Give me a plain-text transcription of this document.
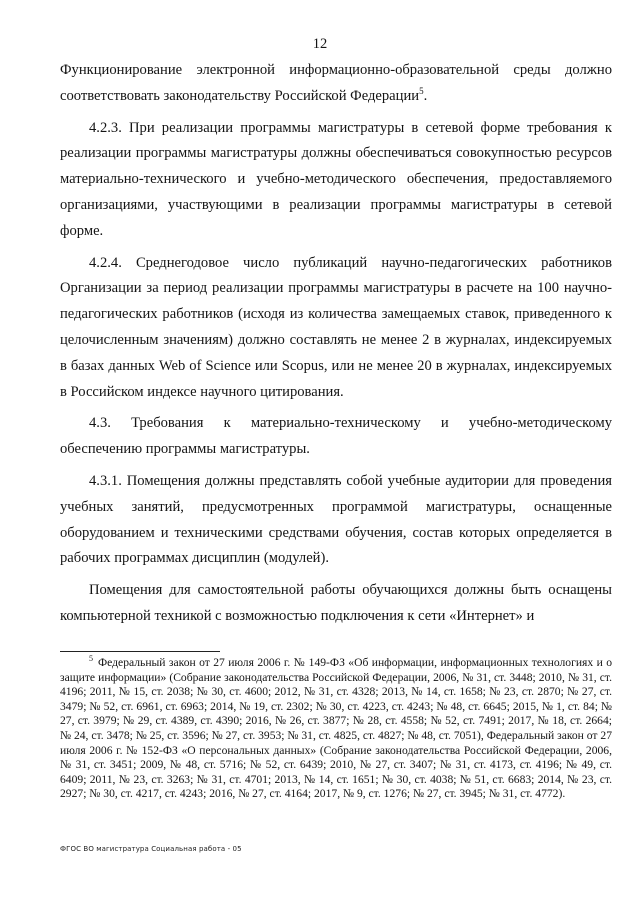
12

Функционирование электронной информационно-образовательной среды должно соответствовать законодательству Российской Федерации$^5$.

4.2.3. При реализации программы магистратуры в сетевой форме требования к реализации программы магистратуры должны обеспечиваться совокупностью ресурсов материально-технического и учебно-методического обеспечения, предоставляемого организациями, участвующими в реализации программы магистратуры в сетевой форме.

4.2.4. Среднегодовое число публикаций научно-педагогических работников Организации за период реализации программы магистратуры в расчете на 100 научно-педагогических работников (исходя из количества замещаемых ставок, приведенного к целочисленным значениям) должно составлять не менее 2 в журналах, индексируемых в базах данных Web of Science или Scopus, или не менее 20 в журналах, индексируемых в Российском индексе научного цитирования.

4.3. Требования к материально-техническому и учебно-методическому обеспечению программы магистратуры.

4.3.1. Помещения должны представлять собой учебные аудитории для проведения учебных занятий, предусмотренных программой магистратуры, оснащенные оборудованием и техническими средствами обучения, состав которых определяется в рабочих программах дисциплин (модулей).

Помещения для самостоятельной работы обучающихся должны быть оснащены компьютерной техникой с возможностью подключения к сети «Интернет» и

$^5$ Федеральный закон от 27 июля 2006 г. № 149-ФЗ «Об информации, информационных технологиях и о защите информации» (Собрание законодательства Российской Федерации, 2006, № 31, ст. 3448; 2010, № 31, ст. 4196; 2011, № 15, ст. 2038; № 30, ст. 4600; 2012, № 31, ст. 4328; 2013, № 14, ст. 1658; № 23, ст. 2870; № 27, ст. 3479; № 52, ст. 6961, ст. 6963; 2014, № 19, ст. 2302; № 30, ст. 4223, ст. 4243; № 48, ст. 6645; 2015, № 1, ст. 84; № 27, ст. 3979; № 29, ст. 4389, ст. 4390; 2016, № 26, ст. 3877; № 28, ст. 4558; № 52, ст. 7491; 2017, № 18, ст. 2664; № 24, ст. 3478; № 25, ст. 3596; № 27, ст. 3953; № 31, ст. 4825, ст. 4827; № 48, ст. 7051), Федеральный закон от 27 июля 2006 г. № 152-ФЗ «О персональных данных» (Собрание законодательства Российской Федерации, 2006, № 31, ст. 3451; 2009, № 48, ст. 5716; № 52, ст. 6439; 2010, № 27, ст. 3407; № 31, ст. 4173, ст. 4196; № 49, ст. 6409; 2011, № 23, ст. 3263; № 31, ст. 4701; 2013, № 14, ст. 1651; № 30, ст. 4038; № 51, ст. 6683; 2014, № 23, ст. 2927; № 30, ст. 4217, ст. 4243; 2016, № 27, ст. 4164; 2017, № 9, ст. 1276; № 27, ст. 3945; № 31, ст. 4772).

ФГОС ВО магистратура Социальная работа - 05
